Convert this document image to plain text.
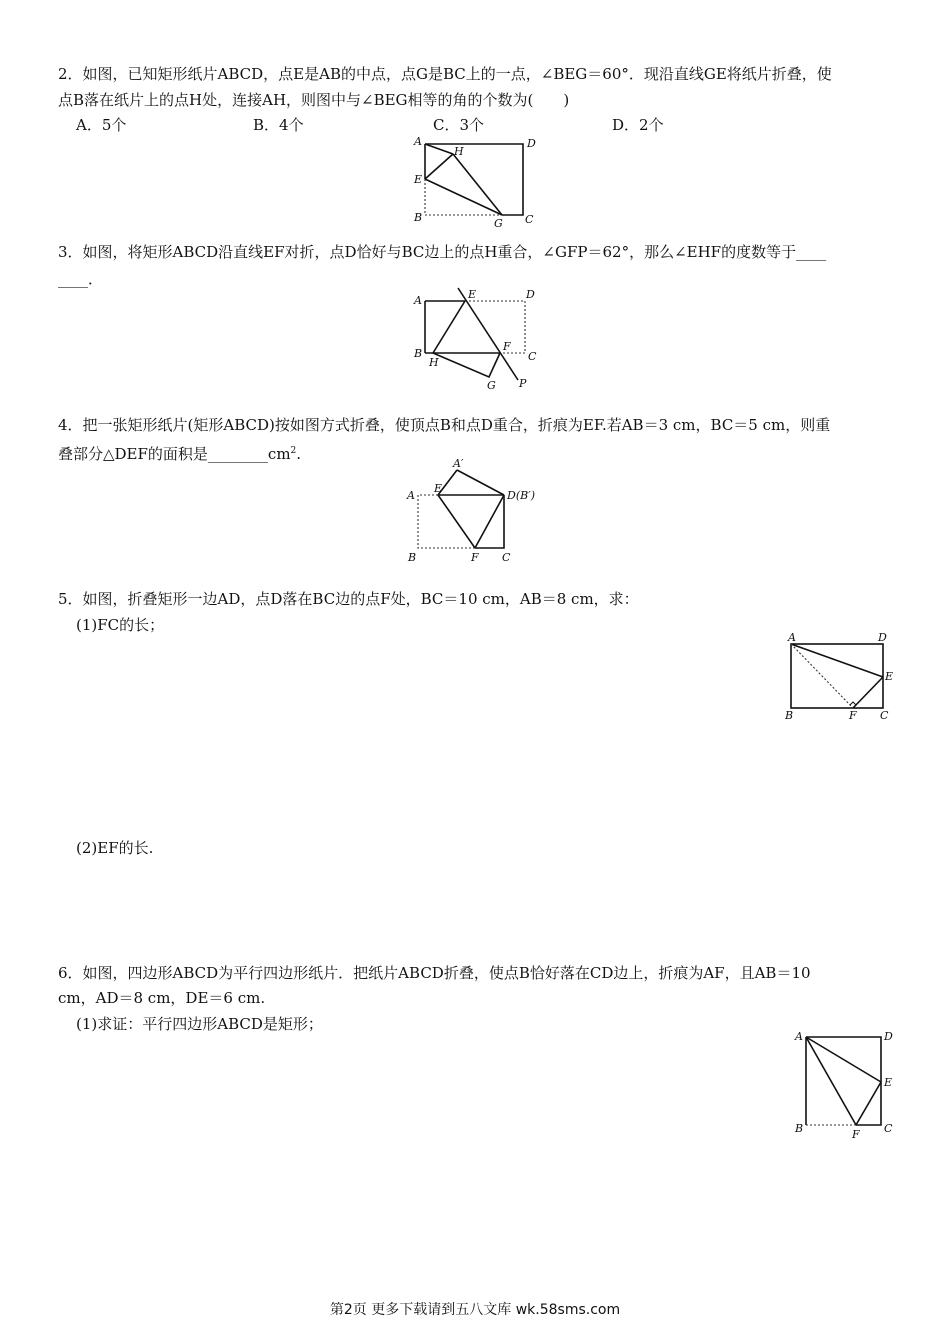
2．如图，已知矩形纸片ABCD，点E是AB的中点，点G是BC上的一点，∠BEG＝60°．现沿直线GE将纸片折叠，使
点B落在纸片上的点H处，连接AH，则图中与∠BEG相等的角的个数为(　　)
A．5个	B．4个	C．3个	D．2个
A
H
D
E
B	G C
3．如图，将矩形ABCD沿直线EF对折，点D恰好与BC边上的点H重合，∠GFP＝62°，那么∠EHF的度数等于____
____．
A	E	D
B
H
F
C
G P
4．把一张矩形纸片(矩形ABCD)按如图方式折叠，使顶点B和点D重合，折痕为EF.若AB＝3 cm，BC＝5 cm，则重
叠部分△DEF的面积是$\_\_\_\_\_\_\_\_cm^2$.
A′
A
E
D(B′)
B	F C
5．如图，折叠矩形一边AD，点D落在BC边的点F处，BC＝10 cm，AB＝8 cm，求：
(1)FC的长；
(2)EF的长.
A	D
E
B	F C
6．如图，四边形ABCD为平行四边形纸片．把纸片ABCD折叠，使点B恰好落在CD边上，折痕为AF，且AB＝10
cm，AD＝8 cm，DE＝6 cm.
(1)求证：平行四边形ABCD是矩形；
A	D
E
B	F C
第2页 更多下载请到五八文库 wk.58sms.com
